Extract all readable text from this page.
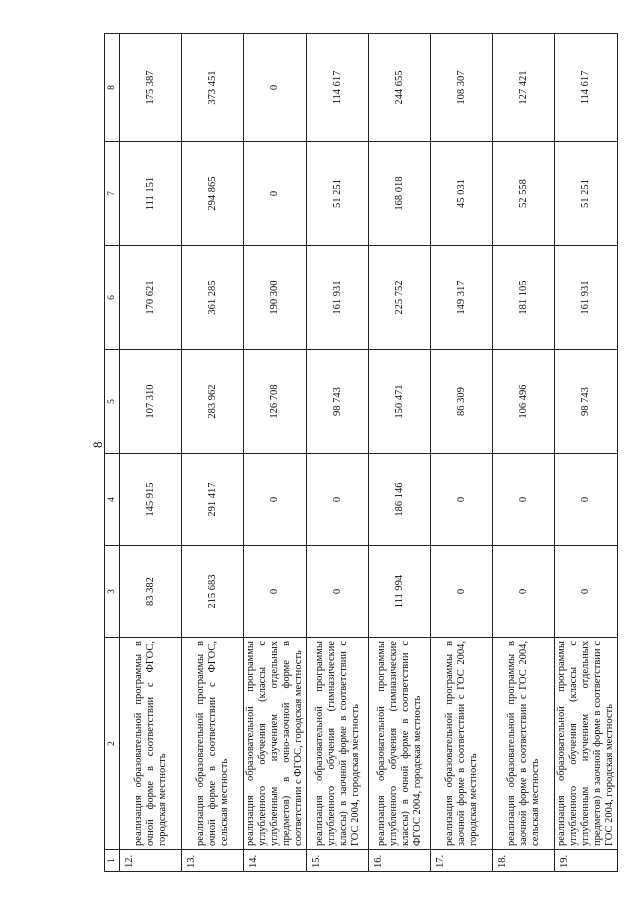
8
1	2	3	4	5	6	7	8
12.	реализация образовательной программы в очной форме в соответствии с ФГОС, городская местность	83 382	145 915	107 310	170 621	111 151	175 387
13.	реализация образовательной программы в очной форме в соответствии с ФГОС, сельская местность	215 683	291 417	283 962	361 285	294 865	373 451
14.	реализация образовательной программы углубленного обучения (классы с углубленным изучением отдельных предметов) в очно-заочной форме в соответствии с ФГОС, городская местность	0	0	126 708	190 300	0	0
15.	реализация образовательной программы углубленного обучения (гимназические классы) в заочной форме в соответствии с ГОС 2004, городская местность	0	0	98 743	161 931	51 251	114 617
16.	реализация образовательной программы углубленного обучения (гимназические классы) в очной форме в соответствии с ФГОС 2004, городская местность	111 994	186 146	150 471	225 752	168 018	244 655
17.	реализация образовательной программы в заочной форме в соответствии с ГОС 2004, городская местность	0	0	86 309	149 317	45 031	108 307
18.	реализация образовательной программы в заочной форме в соответствии с ГОС 2004, сельская местность	0	0	106 496	181 105	52 558	127 421
19.	реализация образовательной программы углубленного обучения (классы с углубленным изучением отдельных предметов) в заочной форме в соответствии с ГОС 2004, городская местность	0	0	98 743	161 931	51 251	114 617
